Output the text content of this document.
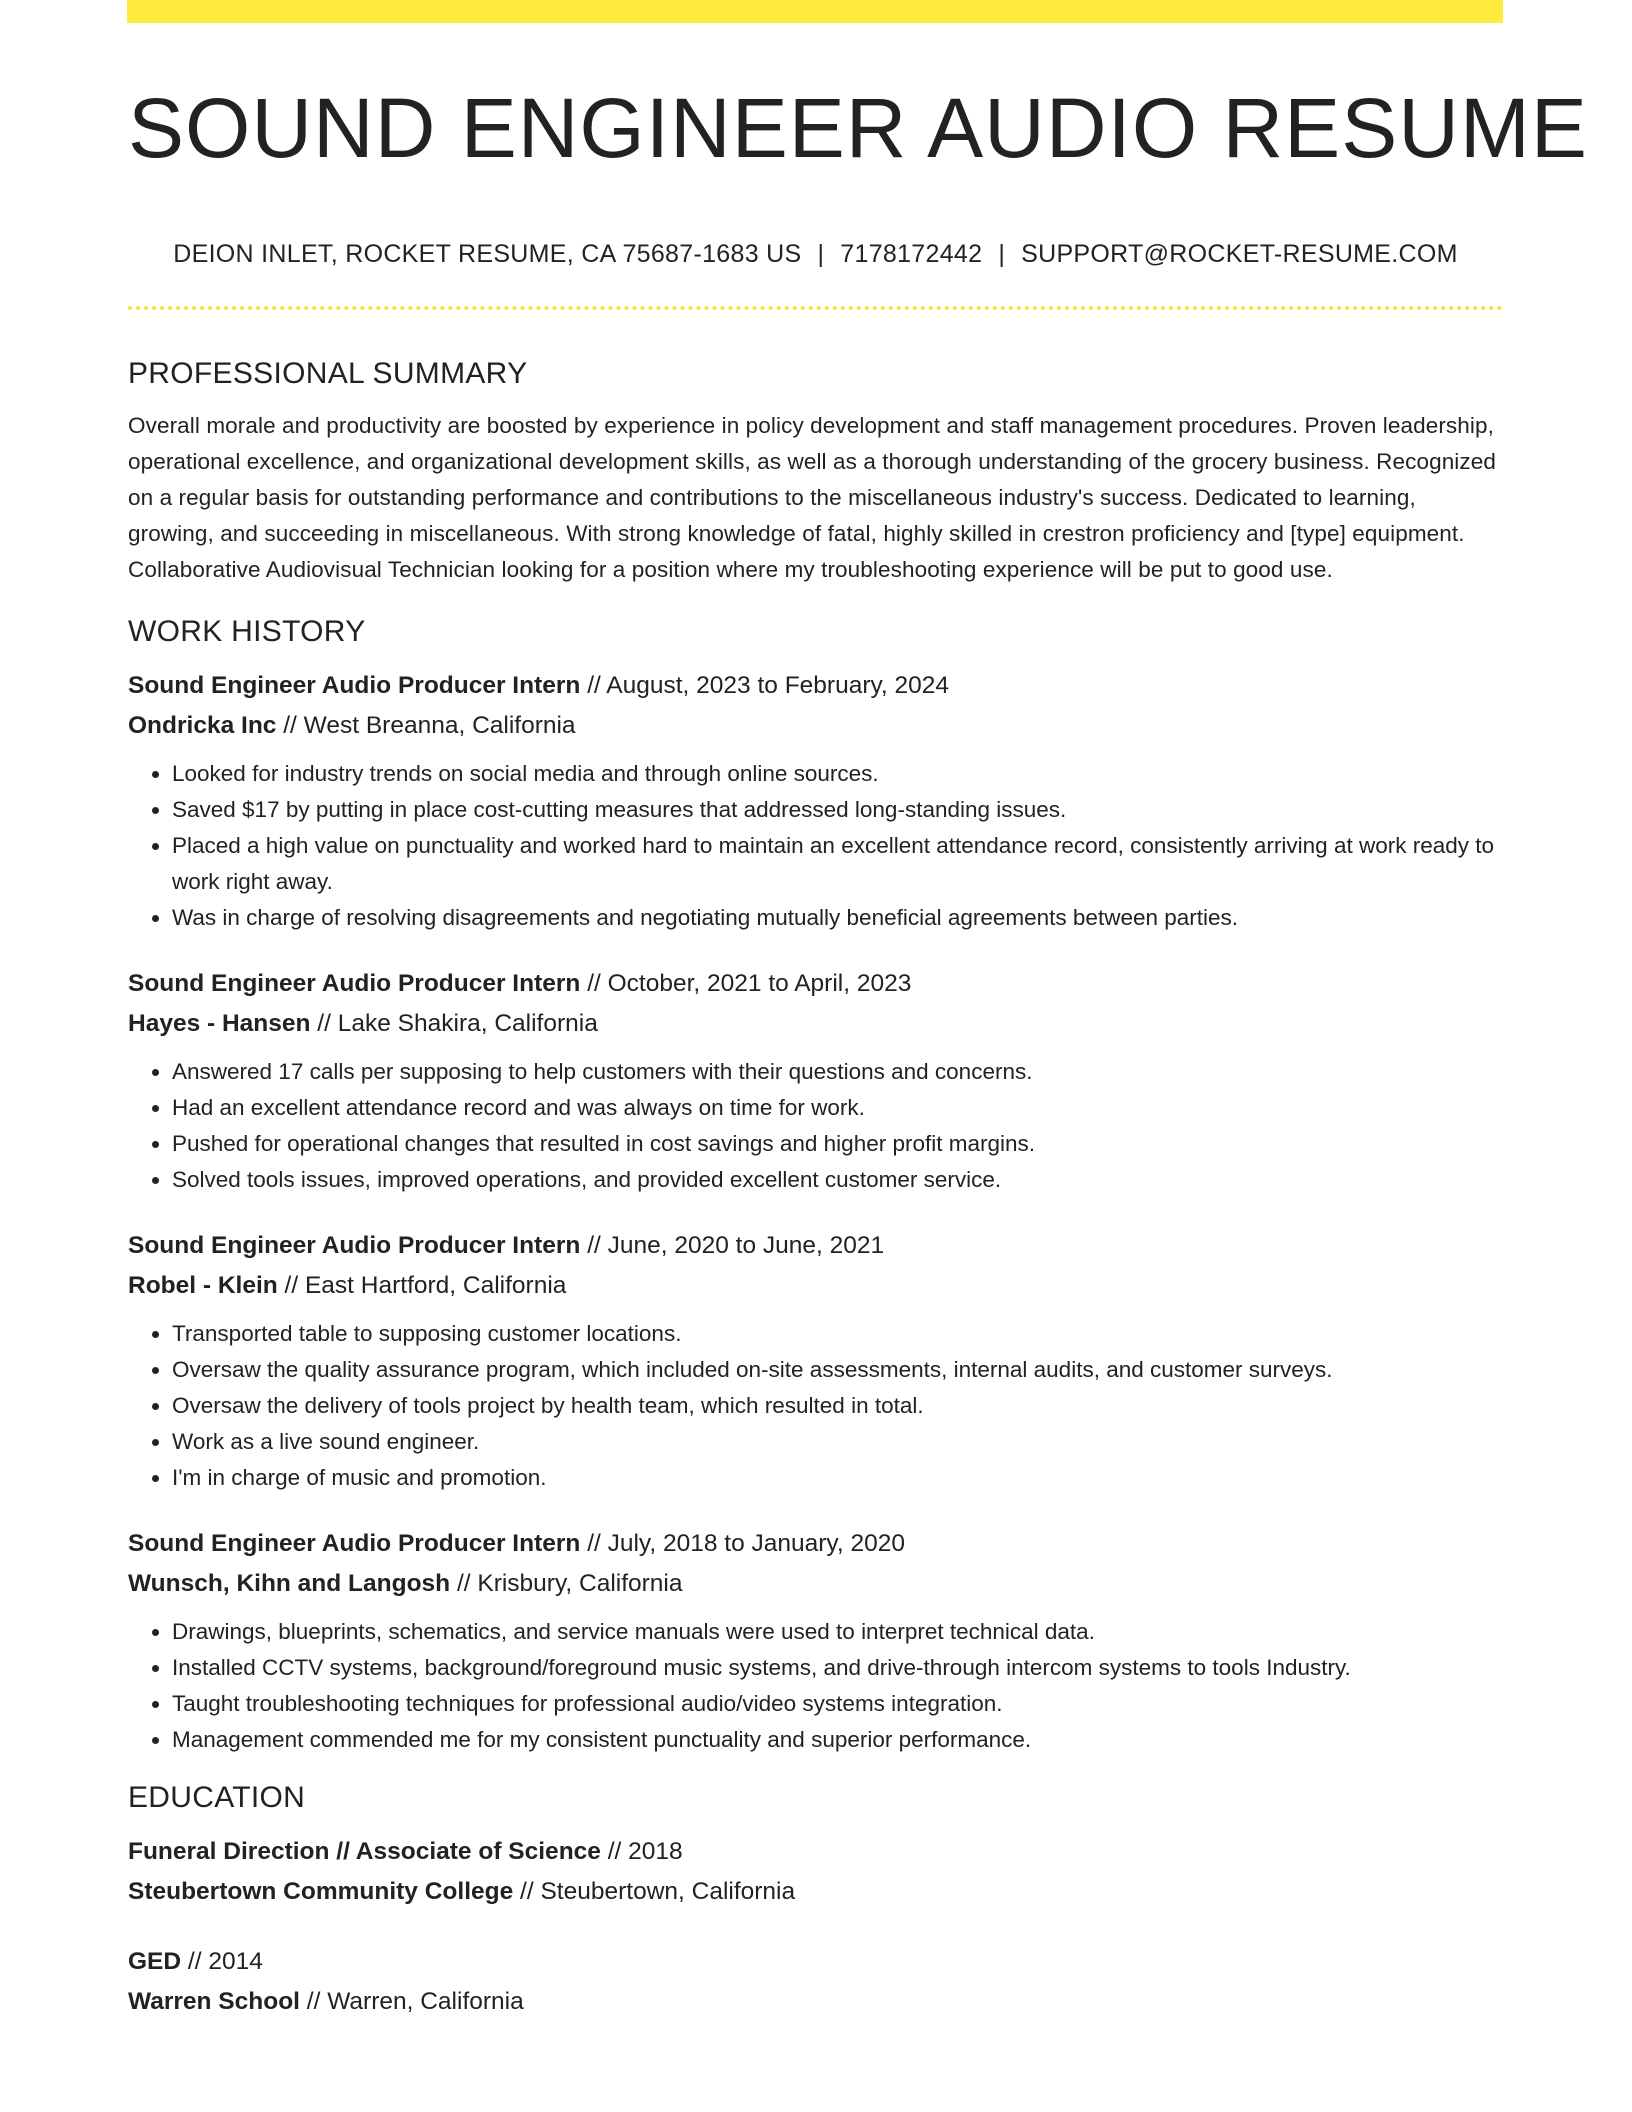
SOUND ENGINEER AUDIO RESUME
DEION INLET, ROCKET RESUME, CA 75687-1683 US | 7178172442 | SUPPORT@ROCKET-RESUME.COM
PROFESSIONAL SUMMARY

Overall morale and productivity are boosted by experience in policy development and staff management procedures. Proven leadership, operational excellence, and organizational development skills, as well as a thorough understanding of the grocery business. Recognized on a regular basis for outstanding performance and contributions to the miscellaneous industry's success. Dedicated to learning, growing, and succeeding in miscellaneous. With strong knowledge of fatal, highly skilled in crestron proficiency and [type] equipment. Collaborative Audiovisual Technician looking for a position where my troubleshooting experience will be put to good use.

WORK HISTORY
Sound Engineer Audio Producer Intern // August, 2023 to February, 2024
Ondricka Inc // West Breanna, California
• Looked for industry trends on social media and through online sources.
• Saved $17 by putting in place cost-cutting measures that addressed long-standing issues.
• Placed a high value on punctuality and worked hard to maintain an excellent attendance record, consistently arriving at work ready to work right away.
• Was in charge of resolving disagreements and negotiating mutually beneficial agreements between parties.
Sound Engineer Audio Producer Intern // October, 2021 to April, 2023
Hayes - Hansen // Lake Shakira, California
• Answered 17 calls per supposing to help customers with their questions and concerns.
• Had an excellent attendance record and was always on time for work.
• Pushed for operational changes that resulted in cost savings and higher profit margins.
• Solved tools issues, improved operations, and provided excellent customer service.
Sound Engineer Audio Producer Intern // June, 2020 to June, 2021
Robel - Klein // East Hartford, California
• Transported table to supposing customer locations.
• Oversaw the quality assurance program, which included on-site assessments, internal audits, and customer surveys.
• Oversaw the delivery of tools project by health team, which resulted in total.
• Work as a live sound engineer.
• I'm in charge of music and promotion.
Sound Engineer Audio Producer Intern // July, 2018 to January, 2020
Wunsch, Kihn and Langosh // Krisbury, California
• Drawings, blueprints, schematics, and service manuals were used to interpret technical data.
• Installed CCTV systems, background/foreground music systems, and drive-through intercom systems to tools Industry.
• Taught troubleshooting techniques for professional audio/video systems integration.
• Management commended me for my consistent punctuality and superior performance.
EDUCATION
Funeral Direction // Associate of Science // 2018
Steubertown Community College // Steubertown, California
GED // 2014
Warren School // Warren, California
